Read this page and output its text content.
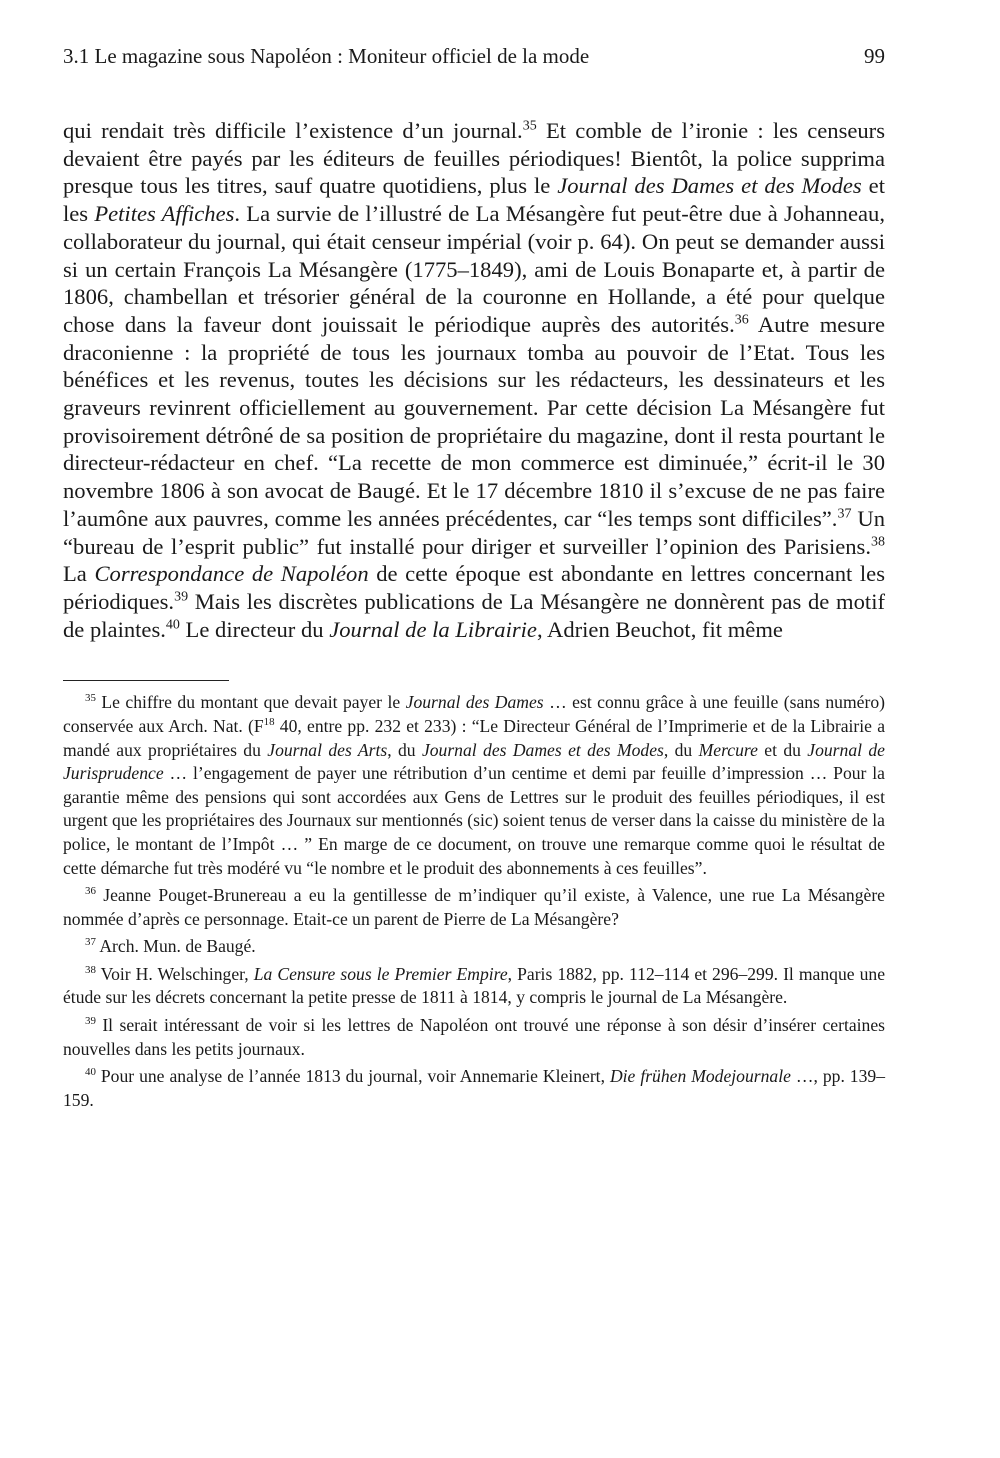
3.1 Le magazine sous Napoléon : Moniteur officiel de la mode	99
qui rendait très difficile l’existence d’un journal.$^{35}$ Et comble de l’ironie : les censeurs devaient être payés par les éditeurs de feuilles périodiques! Bientôt, la police supprima presque tous les titres, sauf quatre quotidiens, plus le Journal des Dames et des Modes et les Petites Affiches. La survie de l’illustré de La Mésangère fut peut-être due à Johanneau, collaborateur du journal, qui était censeur impérial (voir p. 64). On peut se demander aussi si un certain François La Mésangère (1775–1849), ami de Louis Bonaparte et, à partir de 1806, chambellan et trésorier général de la couronne en Hollande, a été pour quelque chose dans la faveur dont jouissait le périodique auprès des autorités.$^{36}$ Autre mesure draconienne : la propriété de tous les journaux tomba au pouvoir de l’Etat. Tous les bénéfices et les revenus, toutes les décisions sur les rédacteurs, les dessinateurs et les graveurs revinrent officiellement au gouvernement. Par cette décision La Mésangère fut provisoirement détrôné de sa position de propriétaire du magazine, dont il resta pourtant le directeur-rédacteur en chef. “La recette de mon commerce est diminuée,” écrit-il le 30 novembre 1806 à son avocat de Baugé. Et le 17 décembre 1810 il s’excuse de ne pas faire l’aumône aux pauvres, comme les années précédentes, car “les temps sont difficiles”.$^{37}$ Un “bureau de l’esprit public” fut installé pour diriger et surveiller l’opinion des Parisiens.$^{38}$ La Correspondance de Napoléon de cette époque est abondante en lettres concernant les périodiques.$^{39}$ Mais les discrètes publications de La Mésangère ne donnèrent pas de motif de plaintes.$^{40}$ Le directeur du Journal de la Librairie, Adrien Beuchot, fit même

$^{35}$ Le chiffre du montant que devait payer le Journal des Dames … est connu grâce à une feuille (sans numéro) conservée aux Arch. Nat. ($F^{18}$ 40, entre pp. 232 et 233) : “Le Directeur Général de l’Imprimerie et de la Librairie a mandé aux propriétaires du Journal des Arts, du Journal des Dames et des Modes, du Mercure et du Journal de Jurisprudence … l’engagement de payer une rétribution d’un centime et demi par feuille d’impression … Pour la garantie même des pensions qui sont accordées aux Gens de Lettres sur le produit des feuilles périodiques, il est urgent que les propriétaires des Journaux sur mentionnés (sic) soient tenus de verser dans la caisse du ministère de la police, le montant de l’Impôt … ” En marge de ce document, on trouve une remarque comme quoi le résultat de cette démarche fut très modéré vu “le nombre et le produit des abonnements à ces feuilles”.

$^{36}$ Jeanne Pouget-Brunereau a eu la gentillesse de m’indiquer qu’il existe, à Valence, une rue La Mésangère nommée d’après ce personnage. Etait-ce un parent de Pierre de La Mésangère?

$^{37}$ Arch. Mun. de Baugé.

$^{38}$ Voir H. Welschinger, La Censure sous le Premier Empire, Paris 1882, pp. 112–114 et 296–299. Il manque une étude sur les décrets concernant la petite presse de 1811 à 1814, y compris le journal de La Mésangère.

$^{39}$ Il serait intéressant de voir si les lettres de Napoléon ont trouvé une réponse à son désir d’insérer certaines nouvelles dans les petits journaux.

$^{40}$ Pour une analyse de l’année 1813 du journal, voir Annemarie Kleinert, Die frühen Modejournale …, pp. 139–159.
